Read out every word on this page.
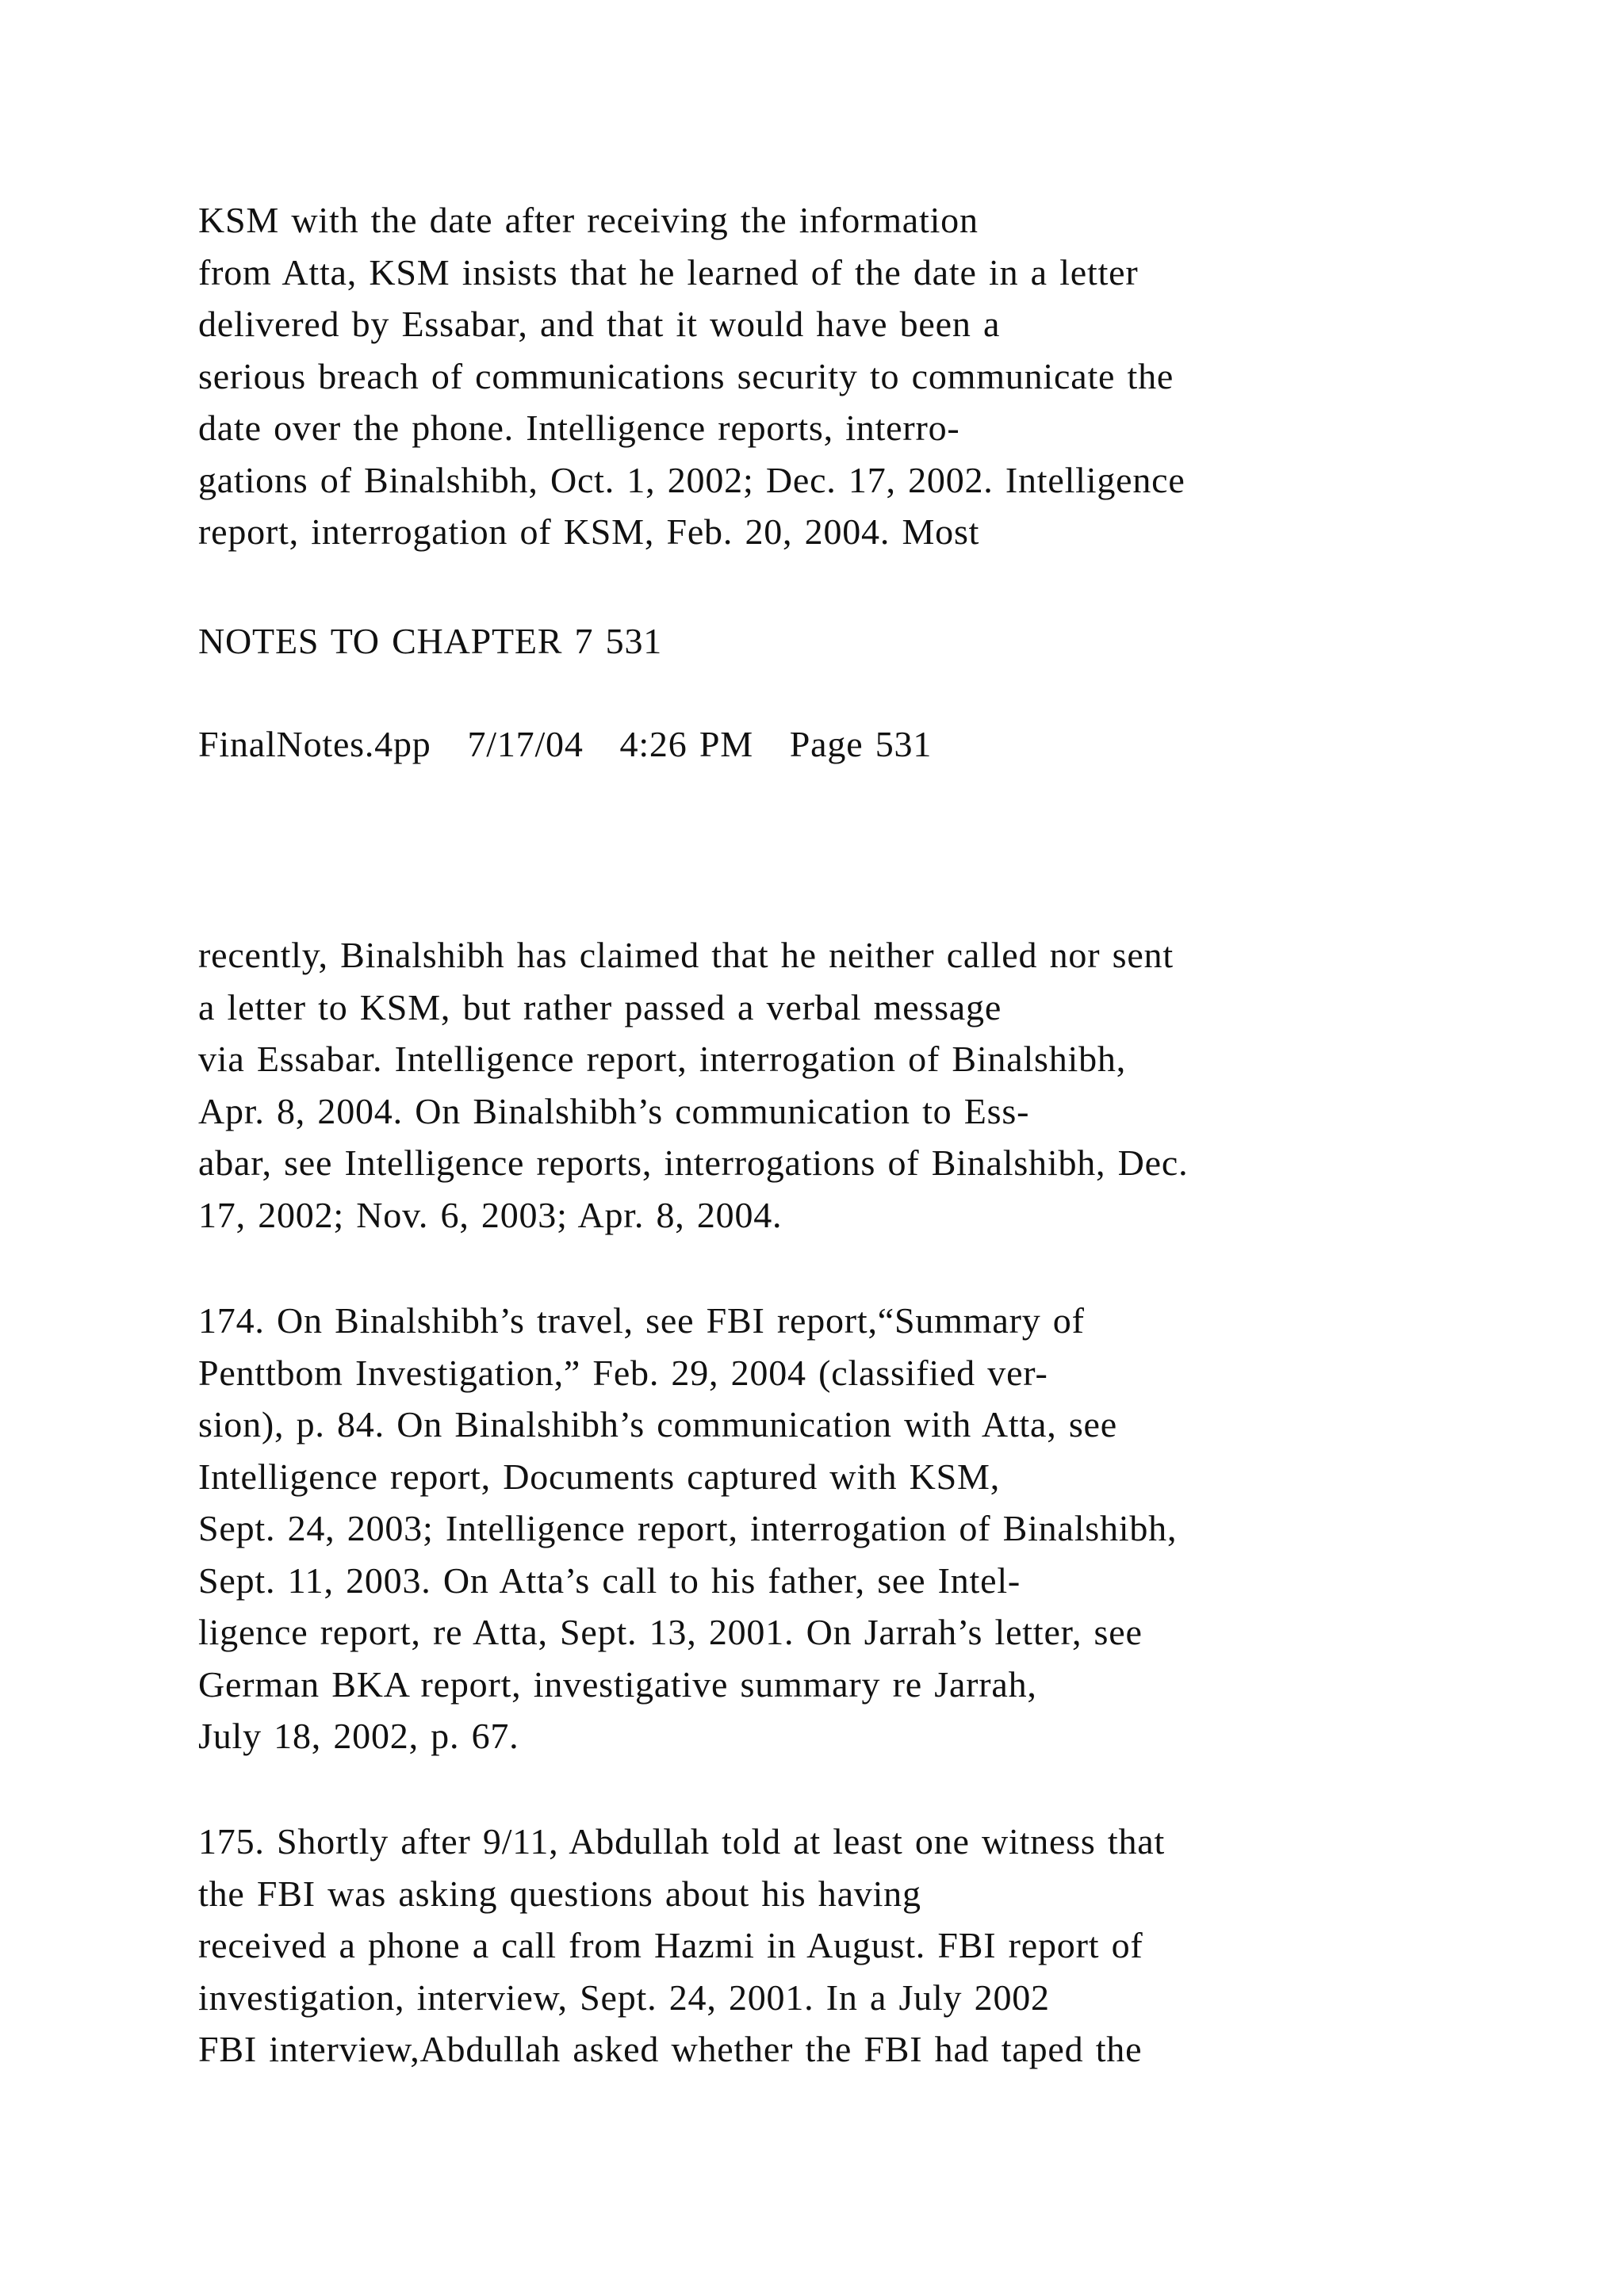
KSM with the date after receiving the information
from Atta, KSM insists that he learned of the date in a letter
delivered by Essabar, and that it would have been a
serious breach of communications security to communicate the
date over the phone. Intelligence reports, interro-
gations of Binalshibh, Oct. 1, 2002; Dec. 17, 2002. Intelligence
report, interrogation of KSM, Feb. 20, 2004. Most
NOTES TO CHAPTER 7 531
FinalNotes.4pp   7/17/04   4:26 PM   Page 531
recently, Binalshibh has claimed that he neither called nor sent
a letter to KSM, but rather passed a verbal message
via Essabar. Intelligence report, interrogation of Binalshibh,
Apr. 8, 2004. On Binalshibh’s communication to Ess-
abar, see Intelligence reports, interrogations of Binalshibh, Dec.
17, 2002; Nov. 6, 2003; Apr. 8, 2004.
174. On Binalshibh’s travel, see FBI report,“Summary of
Penttbom Investigation,” Feb. 29, 2004 (classified ver-
sion), p. 84. On Binalshibh’s communication with Atta, see
Intelligence report, Documents captured with KSM,
Sept. 24, 2003; Intelligence report, interrogation of Binalshibh,
Sept. 11, 2003. On Atta’s call to his father, see Intel-
ligence report, re Atta, Sept. 13, 2001. On Jarrah’s letter, see
German BKA report, investigative summary re Jarrah,
July 18, 2002, p. 67.
175. Shortly after 9/11, Abdullah told at least one witness that
the FBI was asking questions about his having
received a phone a call from Hazmi in August. FBI report of
investigation, interview, Sept. 24, 2001. In a July 2002
FBI interview,Abdullah asked whether the FBI had taped the
